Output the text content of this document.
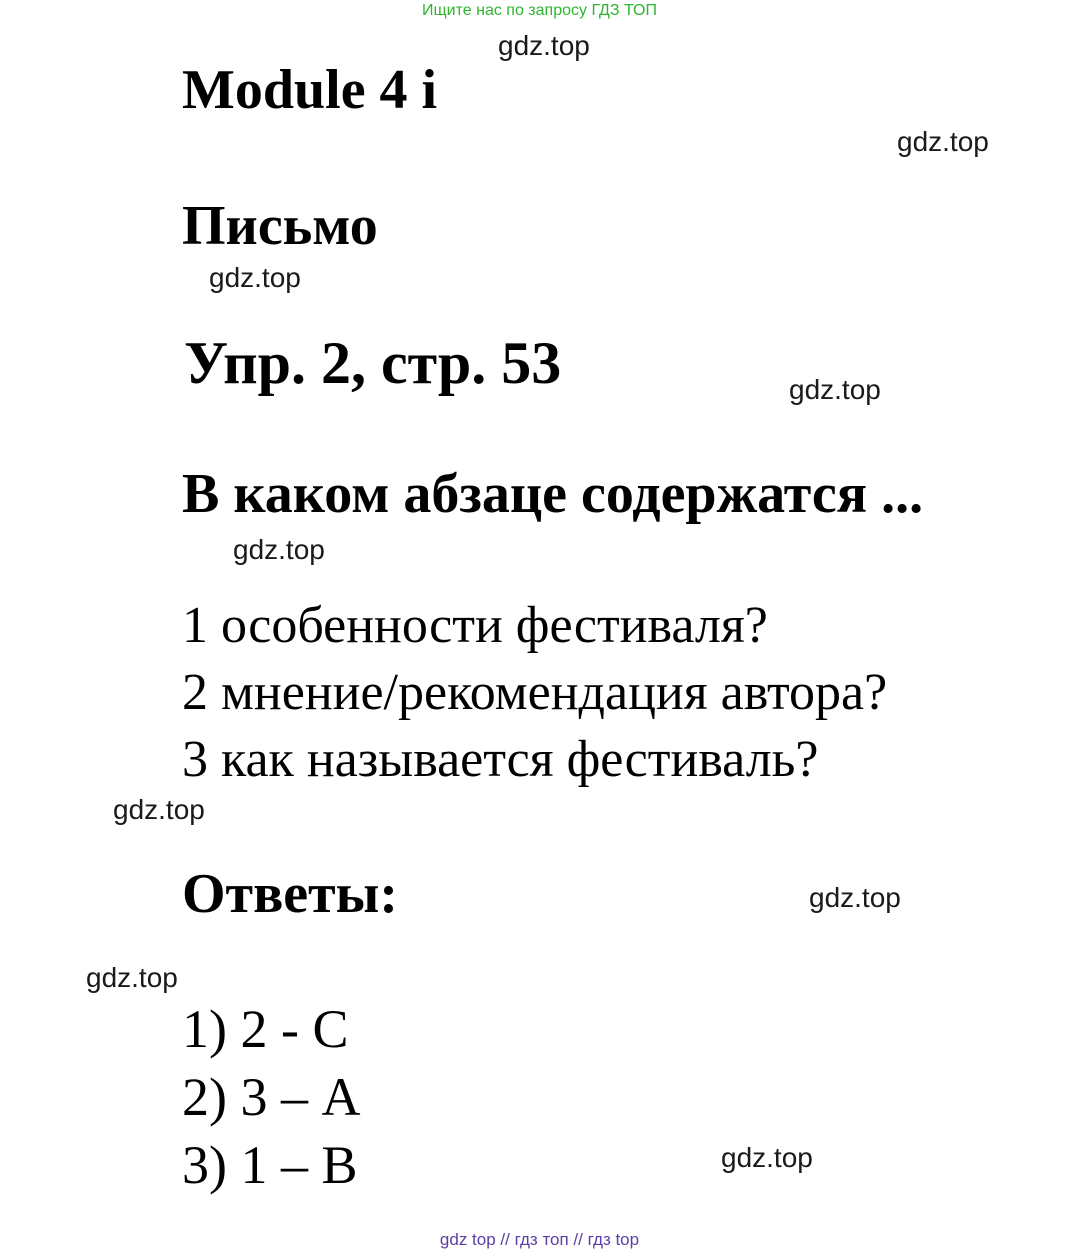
Ищите нас по запросу ГДЗ ТОП
gdz.top
Module 4 i
gdz.top
Письмо
gdz.top
Упр. 2, стр. 53	gdz.top
В каком абзаце содержатся ...
gdz.top
1 особенности фестиваля?
2 мнение/рекомендация автора?
3 как называется фестиваль?
gdz.top
Ответы:	gdz.top
gdz.top
1) 2 - С
2) 3 – А
3) 1 – В	gdz.top
gdz top // гдз топ // гдз top
